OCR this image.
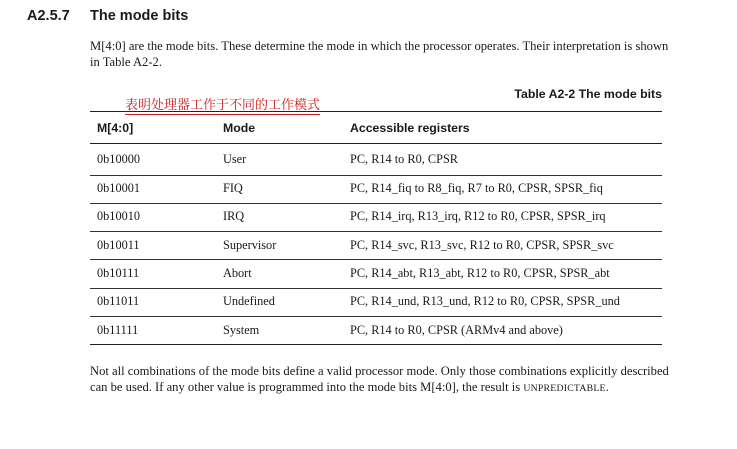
A2.5.7 The mode bits
M[4:0] are the mode bits. These determine the mode in which the processor operates. Their interpretation is shown in Table A2-2.
表明处理器工作于不同的工作模式
Table A2-2 The mode bits
M[4:0]	Mode	Accessible registers
0b10000	User	PC, R14 to R0, CPSR
0b10001	FIQ	PC, R14_fiq to R8_fiq, R7 to R0, CPSR, SPSR_fiq
0b10010	IRQ	PC, R14_irq, R13_irq, R12 to R0, CPSR, SPSR_irq
0b10011	Supervisor	PC, R14_svc, R13_svc, R12 to R0, CPSR, SPSR_svc
0b10111	Abort	PC, R14_abt, R13_abt, R12 to R0, CPSR, SPSR_abt
0b11011	Undefined	PC, R14_und, R13_und, R12 to R0, CPSR, SPSR_und
0b11111	System	PC, R14 to R0, CPSR (ARMv4 and above)
Not all combinations of the mode bits define a valid processor mode. Only those combinations explicitly described can be used. If any other value is programmed into the mode bits M[4:0], the result is UNPREDICTABLE.
